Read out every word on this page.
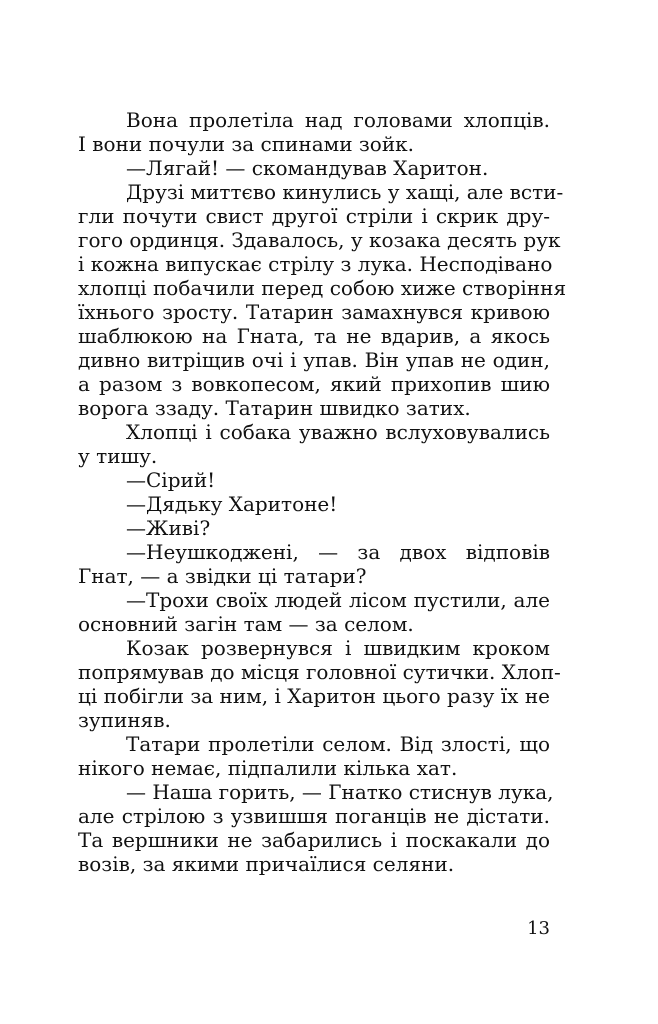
Вона пролетіла над головами хлопців.
І вони почули за спинами зойк.
—Лягай! — скомандував Харитон.
Друзі миттєво кинулись у хащі, але всти-
гли почути свист другої стріли і скрик дру-
гого ординця. Здавалось, у козака десять рук
і кожна випускає стрілу з лука. Несподівано
хлопці побачили перед собою хиже створіння
їхнього зросту. Татарин замахнувся кривою
шаблюкою на Гната, та не вдарив, а якось
дивно витріщив очі і упав. Він упав не один,
а разом з вовкопесом, який прихопив шию
ворога ззаду. Татарин швидко затих.
Хлопці і собака уважно вслуховувались
у тишу.
—Сірий!
—Дядьку Харитоне!
—Живі?
—Неушкоджені, — за двох відповів
Гнат, — а звідки ці татари?
—Трохи своїх людей лісом пустили, але
основний загін там — за селом.
Козак розвернувся і швидким кроком
попрямував до місця головної сутички. Хлоп-
ці побігли за ним, і Харитон цього разу їх не
зупиняв.
Татари пролетіли селом. Від злості, що
нікого немає, підпалили кілька хат.
— Наша горить, — Гнатко стиснув лука,
але стрілою з узвишшя поганців не дістати.
Та вершники не забарились і поскакали до
возів, за якими причаїлися селяни.
13
